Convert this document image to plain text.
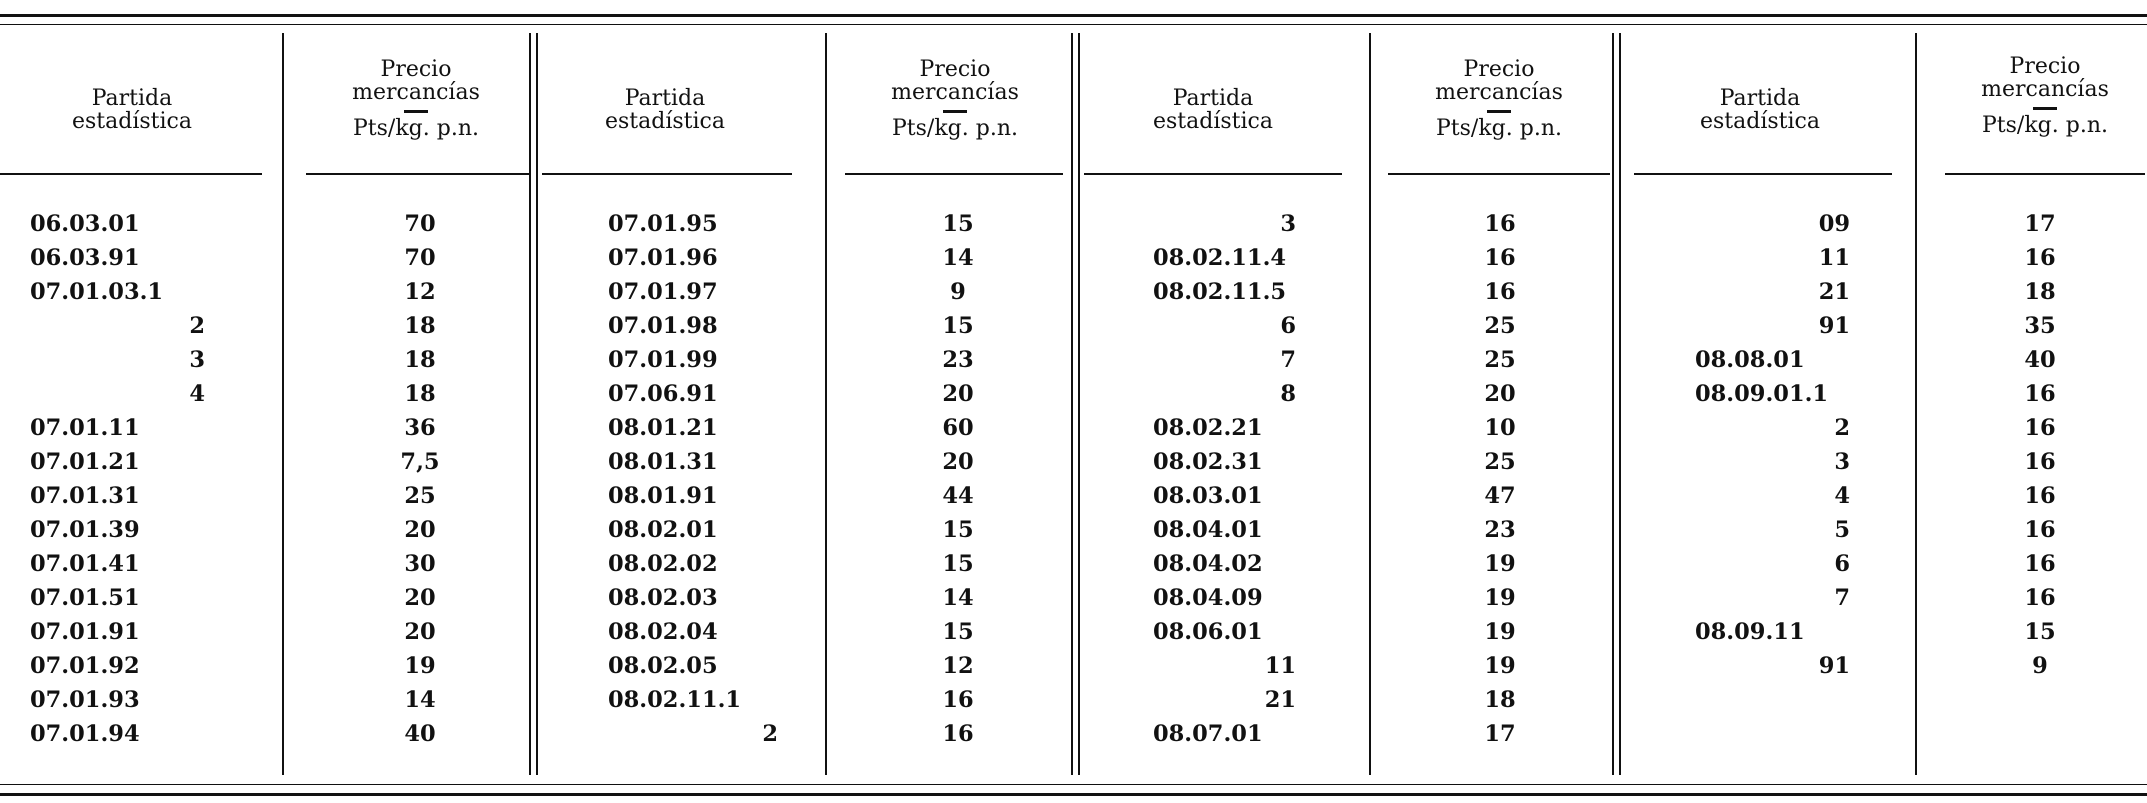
Partida
estadística
Precio
mercancías
Pts/kg. p.n.
Partida
estadística
Precio
mercancías
Pts/kg. p.n.
Partida
estadística
Precio
mercancías
Pts/kg. p.n.
Partida
estadística
Precio
mercancías
Pts/kg. p.n.
06.03.01
06.03.91
07.01.03.1
2
3
4
07.01.11
07.01.21
07.01.31
07.01.39
07.01.41
07.01.51
07.01.91
07.01.92
07.01.93
07.01.94
70
70
12
18
18
18
36
7,5
25
20
30
20
20
19
14
40
07.01.95
07.01.96
07.01.97
07.01.98
07.01.99
07.06.91
08.01.21
08.01.31
08.01.91
08.02.01
08.02.02
08.02.03
08.02.04
08.02.05
08.02.11.1
2
15
14
9
15
23
20
60
20
44
15
15
14
15
12
16
16
3
08.02.11.4
08.02.11.5
6
7
8
08.02.21
08.02.31
08.03.01
08.04.01
08.04.02
08.04.09
08.06.01
11
21
08.07.01
16
16
16
25
25
20
10
25
47
23
19
19
19
19
18
17
09
11
21
91
08.08.01
08.09.01.1
2
3
4
5
6
7
08.09.11
91
17
16
18
35
40
16
16
16
16
16
16
16
15
9
